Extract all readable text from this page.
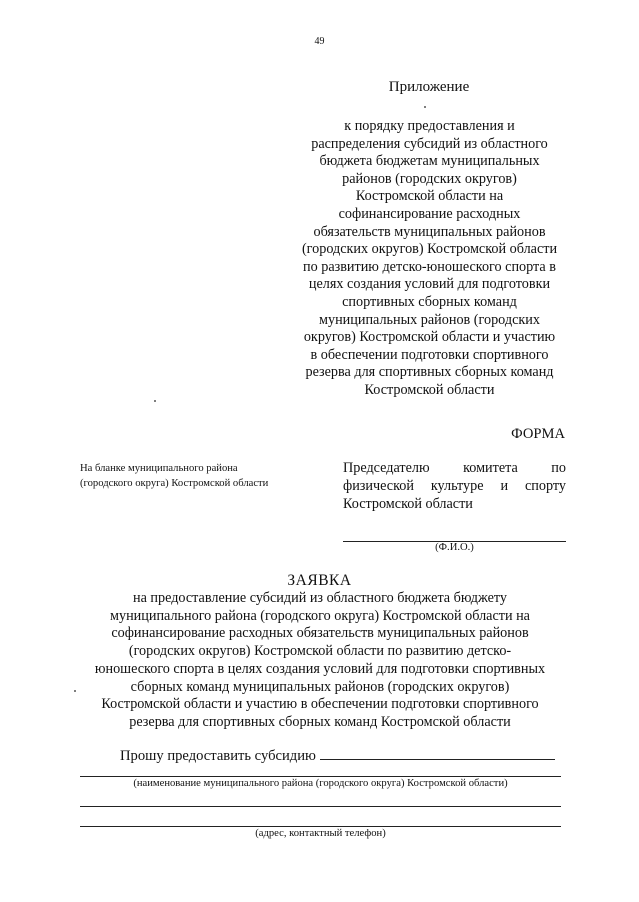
49
Приложение
к порядку предоставления и
распределения субсидий из областного
бюджета бюджетам муниципальных
районов (городских округов)
Костромской области на
софинансирование расходных
обязательств муниципальных районов
(городских округов) Костромской области
по развитию детско-юношеского спорта в
целях создания условий для подготовки
спортивных сборных команд
муниципальных районов (городских
округов) Костромской области и участию
в обеспечении подготовки спортивного
резерва для спортивных сборных команд
Костромской области
ФОРМА
На бланке муниципального района
(городского округа) Костромской области
Председателю комитета по
физической культуре и спорту
Костромской области
(Ф.И.О.)
ЗАЯВКА
на предоставление субсидий из областного бюджета бюджету
муниципального района (городского округа) Костромской области на
софинансирование расходных обязательств муниципальных районов
(городских округов) Костромской области по развитию детско-
юношеского спорта в целях создания условий для подготовки спортивных
сборных команд муниципальных районов (городских округов)
Костромской области и участию в обеспечении подготовки спортивного
резерва для спортивных сборных команд Костромской области
Прошу предоставить субсидию
(наименование муниципального района (городского округа) Костромской области)
(адрес, контактный телефон)
